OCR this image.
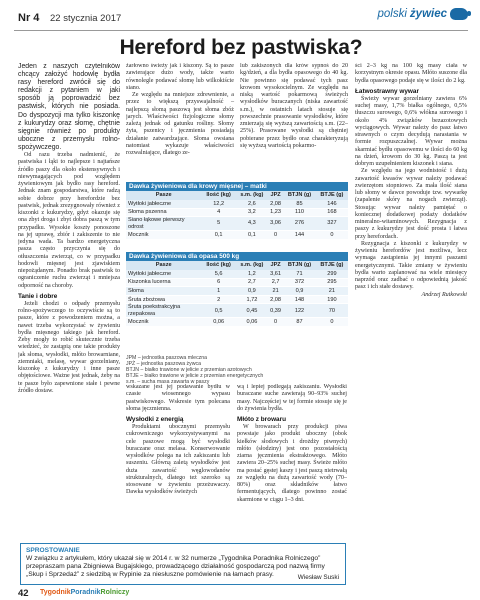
Nr 4 22 stycznia 2017	polski żywiec
Hereford bez pastwiska?

Jeden z naszych czytelników chcący założyć hodowlę bydła rasy hereford zwrócił się do redakcji z pytaniem w jaki sposób ją poprowadzić bez pastwisk, których nie posiada. Do dyspozycji ma tylko kiszonkę z kukurydzy oraz słomę, chętnie sięgnie również po produkty uboczne z przemysłu rolno-spożywczego.

Od razu trzeba nadmienić, że pastwiska i łąki to najlepsze i najtańsze źródło paszy dla około ekstensywnych i niewymagających pod względem żywieniowym jak bydło rasy hereford. Jednak znam gospodarstwa, które radzą sobie dobrze przy herefordzie bez pastwisk, jednak zrezygnowały również z kiszonki z kukurydzy, gdyż okazuje się ona zbyt droga i zbyt dobra paszą w tym przypadku. Wysokie koszty ponoszone na jej uprawę, zbiór i zakiszenie to nie jedyna wada. Ta bardzo energetyczna pasza często przyczynia się do otłuszczenia zwierząt, co w przypadku hodowli mięsnej jest zjawiskiem niepożądanym. Ponadto brak pastwisk to ograniczenie ruchu zwierząt i mniejsza odporność na choroby.

Tanie i dobre

Jeżeli chodzi o odpady przemysłu rolno-spożywczego to oczywiście są to pasze, które z powodzeniem można, a nawet trzeba wykorzystać w żywieniu bydła mięsnego takiego jak hereford. Żeby mogły to robić skutecznie trzeba wiedzieć, że zastąpią one takie produkty jak słoma, wysłodki, młóto browarniane, ziemniaki, melasę, wywar gorzelniany, kiszonkę z kukurydzy i inne pasze objętościowe. Ważne jest jednak, żeby na te pasze było zapewnione stałe i pewne źródło dostaw.

żarłowno świeży jak i kiszony. Są to pasze zawierające dużo wody, także warto równolegle podawać słomę lub wilkokiście siano.

Ze względu na mniejsze zdrewnienie, a przez to większą przyswajalność – najlepszą słomą paszową jest słoma zbóż jarych. Właściwości fizjologiczne słomy zależą jednak od gatunku rośliny. Słomy żyta, pszenicy i jęczmienia posiadają działanie zatwardzające. Słoma owsiana natomiast wykazuje właściwości rozwalniające, dlatego ze-

lub zakiszonych dla krów sypnoś do 20 kg/dzień, a dla bydła opasowego do 40 kg. Nie powinno się podawać tych pasz krowom wysokocielnym. Ze względu na niską wartość pokarmową świeżych wysłodków buraczanych (niska zawartość s.m.), w ostatnich latach stosuje się powszechnie prasowanie wysłodków, które zmierzają się wyższą zawartością s.m. (22–25%). Prasowane wysłodki są chętniej pobierane przez bydło oraz charakteryzują się wyższą wartością pokarmo-

Dawka żywieniowa dla krowy mięsnej – matki
Pasze	Ilość (kg)	s.m. (kg)	JPZ	BTJN (g)	BTJE (g)
Wytłoki jabłeczne	12,2	2,6	2,08	85	146
Słoma pszenna	4	3,2	1,23	110	168
Siano łąkowe pierwszy odrost	5	4,3	3,06	276	327
Mocznik	0,1	0,1	0	144	0
Dawka żywieniowa dla opasa 500 kg
Pasze	Ilość (kg)	s.m. (kg)	JPZ	BTJN (g)	BTJE (g)
Wytłoki jabłeczne	5,6	1,2	3,61	71	299
Kiszonka lucerna	6	2,7	2,7	372	295
Słoma	1	0,9	21	0,9	21
Śruta zbożowa	2	1,72	2,08	148	190
Śruta poekstrakcyjna rzepakowa	0,5	0,45	0,39	122	70
Mocznik	0,06	0,06	0	87	0
JPM – jednostka paszowa mleczna
JPŻ – jednostka paszowa żywca
BTJN – białko trawione w jelicie z przemian azotowych
BTJE – białko trawione w jelicie z przemian energetycznych
s.m. – sucha masa zawarta w paszy

wskazane jest jej podawanie bydłu w czasie wiosennego wypasu pastwiskowego. Wskresie tym polecana słoma jęczmienna.

Wysłodki z energią

Produktami ubocznymi przemysłu cukrowniczego wykorzystywanymi na cele paszowe mogą być wysłodki buraczane oraz melasa. Konserwowanie wysłodków polega na ich zakiszaniu lub suszeniu. Główną zaletą wysłodków jest duża zawartość węglowodanów strukturalnych, dlatego też szeroko są stosowane w żywieniu przeżuwaczy. Dawka wysłodków świeżych

wą i lepiej podlegają zakiszaniu. Wysłodki buraczane suche zawierają 90–93% suchej masy. Najczęściej w tej formie stosuje się je do żywienia bydła.

Młóto z browaru

W browarach przy produkcji piwa powstaje jako produkt uboczny (obok kiełków słodowych i drożdży piwnych) młóto (słodziny) jest ono pozostałością ziarna jęczmienia ekstraktowego. Młóto zawiera 20–25% suchej masy. Świeże młóto ma postać gęstej kaszy i jest paszą nietrwałą ze względu na dużą zawartość wody (70–80%) oraz składników łatwo fermentujących, dlatego powinno zostać skarmione w ciągu 1–3 dni.

ści 2–3 kg na 100 kg masy ciała w korzystnym okresie opasu. Młóto suszone dla bydła opasowego podaje się w ilości do 2 kg.

Łatwostrawny wywar

Świeży wywar gorzelniany zawiera 6% suchej masy, 1,7% białka ogólnego, 0,5% tłuszczu surowego, 0,6% włókna surowego i około 4% związków bezazotowych wyciągowych. Wywar należy do pasz łatwo strawnych o czym decydują narastania w formie rozpuszczalnej. Wywar można skarmiać bydłu opasowemu w ilości do 60 kg na dzień, krowom do 30 kg. Paszą ta jest dobrym uzupełnieniem kiszonek i siana.

Ze względu na jego wodnistość i dużą zawartość kwasów wywar należy podawać zwierzętom stopniowo. Za mała ilość siana lub słomy w dawce powoduje tzw. wywarkę (zapalenie skóry na nogach zwierząt). Stosując wywar należy pamiętać o koniecznej dodatkowej podaży dodatków mineralno-witaminowych. Rezygnacja z paszy z kukurydzy jest dość prosta i łatwa przy herefordach.

Rezygnacja z kiszonki z kukurydzy w żywieniu herefordów jest możliwa, lecz wymaga zastąpienia jej innymi paszami energetycznymi. Takie zmiany w żywieniu bydła warto zaplanować na wiele miesięcy naprzód oraz zadbać o odpowiednią jakość pasz i ich stałe dostawy.

Andrzej Rutkowski

SPROSTOWANIE
W związku z artykułem, który ukazał się w 2014 r. w 32 numerze „Tygodnika Poradnika Rolniczego” przepraszam pana Zbigniewa Bugajskiego, prowadzącego działalność gospodarczą pod nazwą firmy „Skup i Sprzedaż” z siedzibą w Rypinie za niesłuszne pomówienie na łamach prasy.	Wiesław Suski
42 Tygodnik Poradnik Rolniczy
